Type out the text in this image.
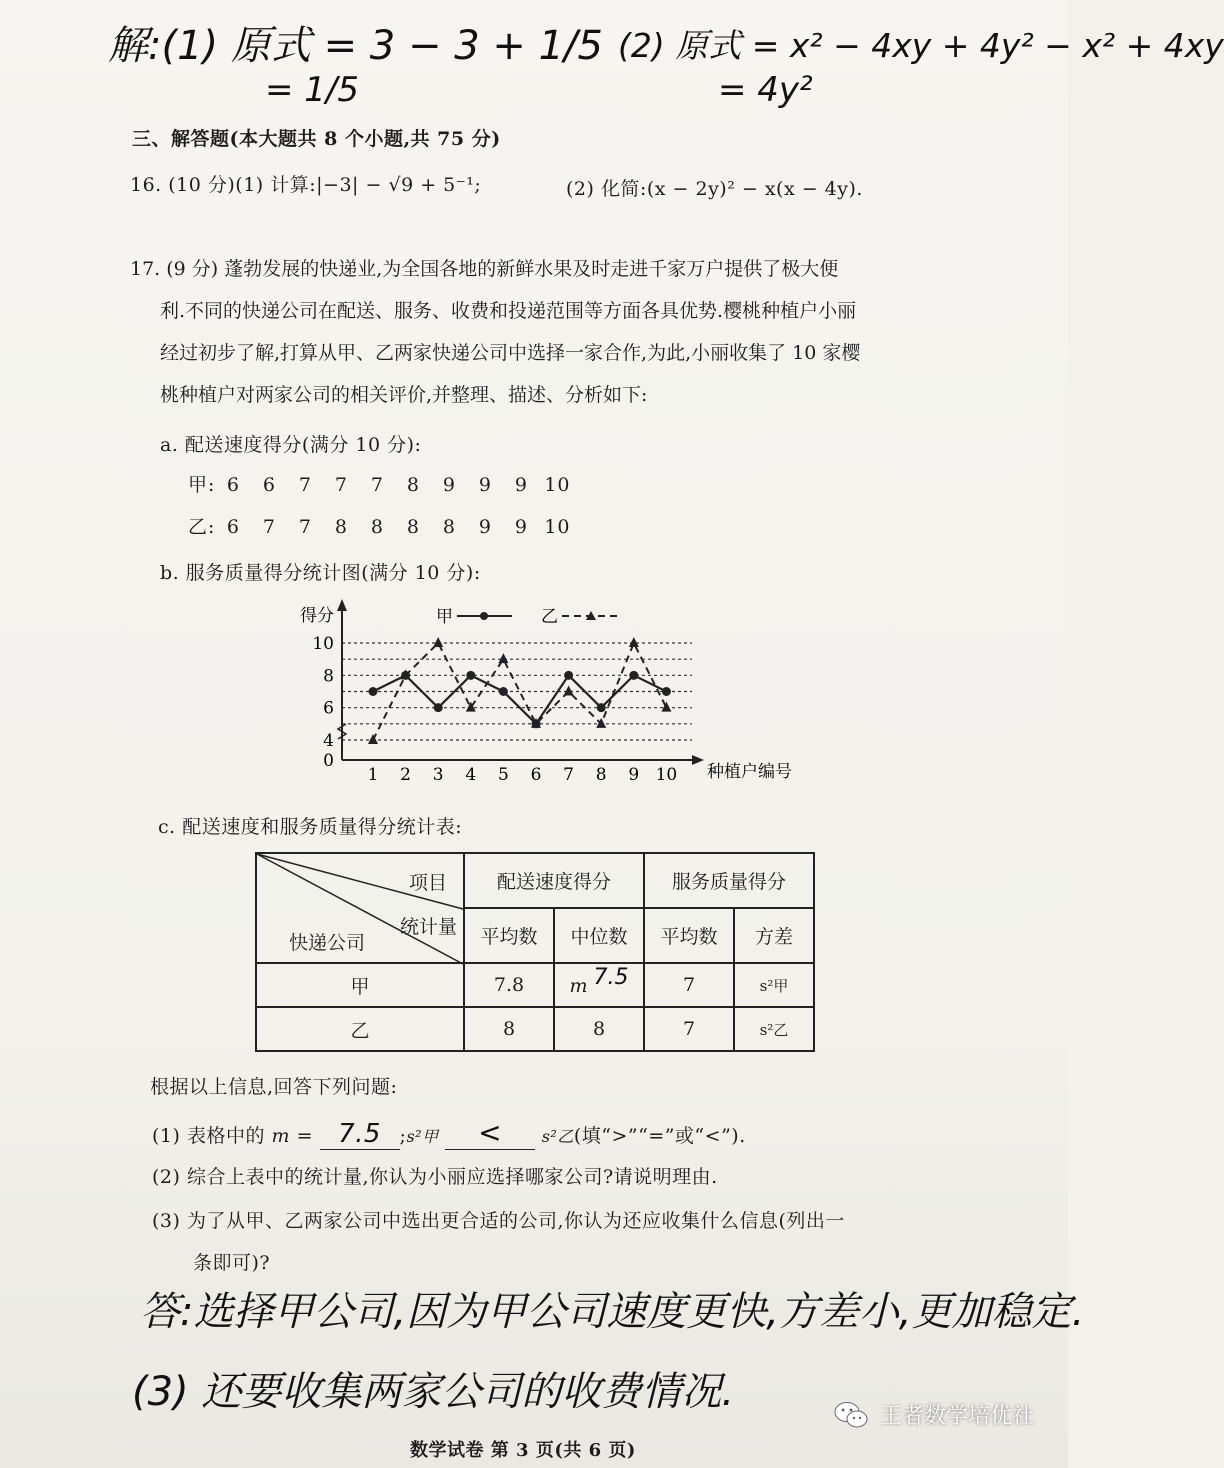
解:(1) 原式 = 3 − 3 + 1/5
= 1/5
(2) 原式 = x² − 4xy + 4y² − x² + 4xy
= 4y²
三、解答题(本大题共 8 个小题,共 75 分)
16. (10 分)(1) 计算:|−3| − √9 + 5⁻¹;	(2) 化简:(x − 2y)² − x(x − 4y).
17. (9 分) 蓬勃发展的快递业,为全国各地的新鲜水果及时走进千家万户提供了极大便
利.不同的快递公司在配送、服务、收费和投递范围等方面各具优势.樱桃种植户小丽
经过初步了解,打算从甲、乙两家快递公司中选择一家合作,为此,小丽收集了 10 家樱
桃种植户对两家公司的相关评价,并整理、描述、分析如下:
a. 配送速度得分(满分 10 分):
甲: 6 6 7 7 7 8 9 9 9 10
乙: 6 7 7 8 8 8 8 9 9 10
b. 服务质量得分统计图(满分 10 分):
得分
种植户编号
甲	乙
0
4
6
8
10
1 2 3 4 5 6 7 8 9 10
c. 配送速度和服务质量得分统计表:
项目
统计量
快递公司	配送速度得分		服务质量得分	
	平均数	中位数	平均数	方差
甲	7.8	m 7.5	7	s²甲
乙	8	8	7	s²乙
根据以上信息,回答下列问题:
(1) 表格中的 m = 7.5 ;s²甲 < s²乙(填“>”“=”或“<”).
(2) 综合上表中的统计量,你认为小丽应选择哪家公司?请说明理由.
(3) 为了从甲、乙两家公司中选出更合适的公司,你认为还应收集什么信息(列出一
条即可)?
答:选择甲公司,因为甲公司速度更快,方差小,更加稳定.
(3) 还要收集两家公司的收费情况.
数学试卷 第 3 页(共 6 页)
王者数学培优社
